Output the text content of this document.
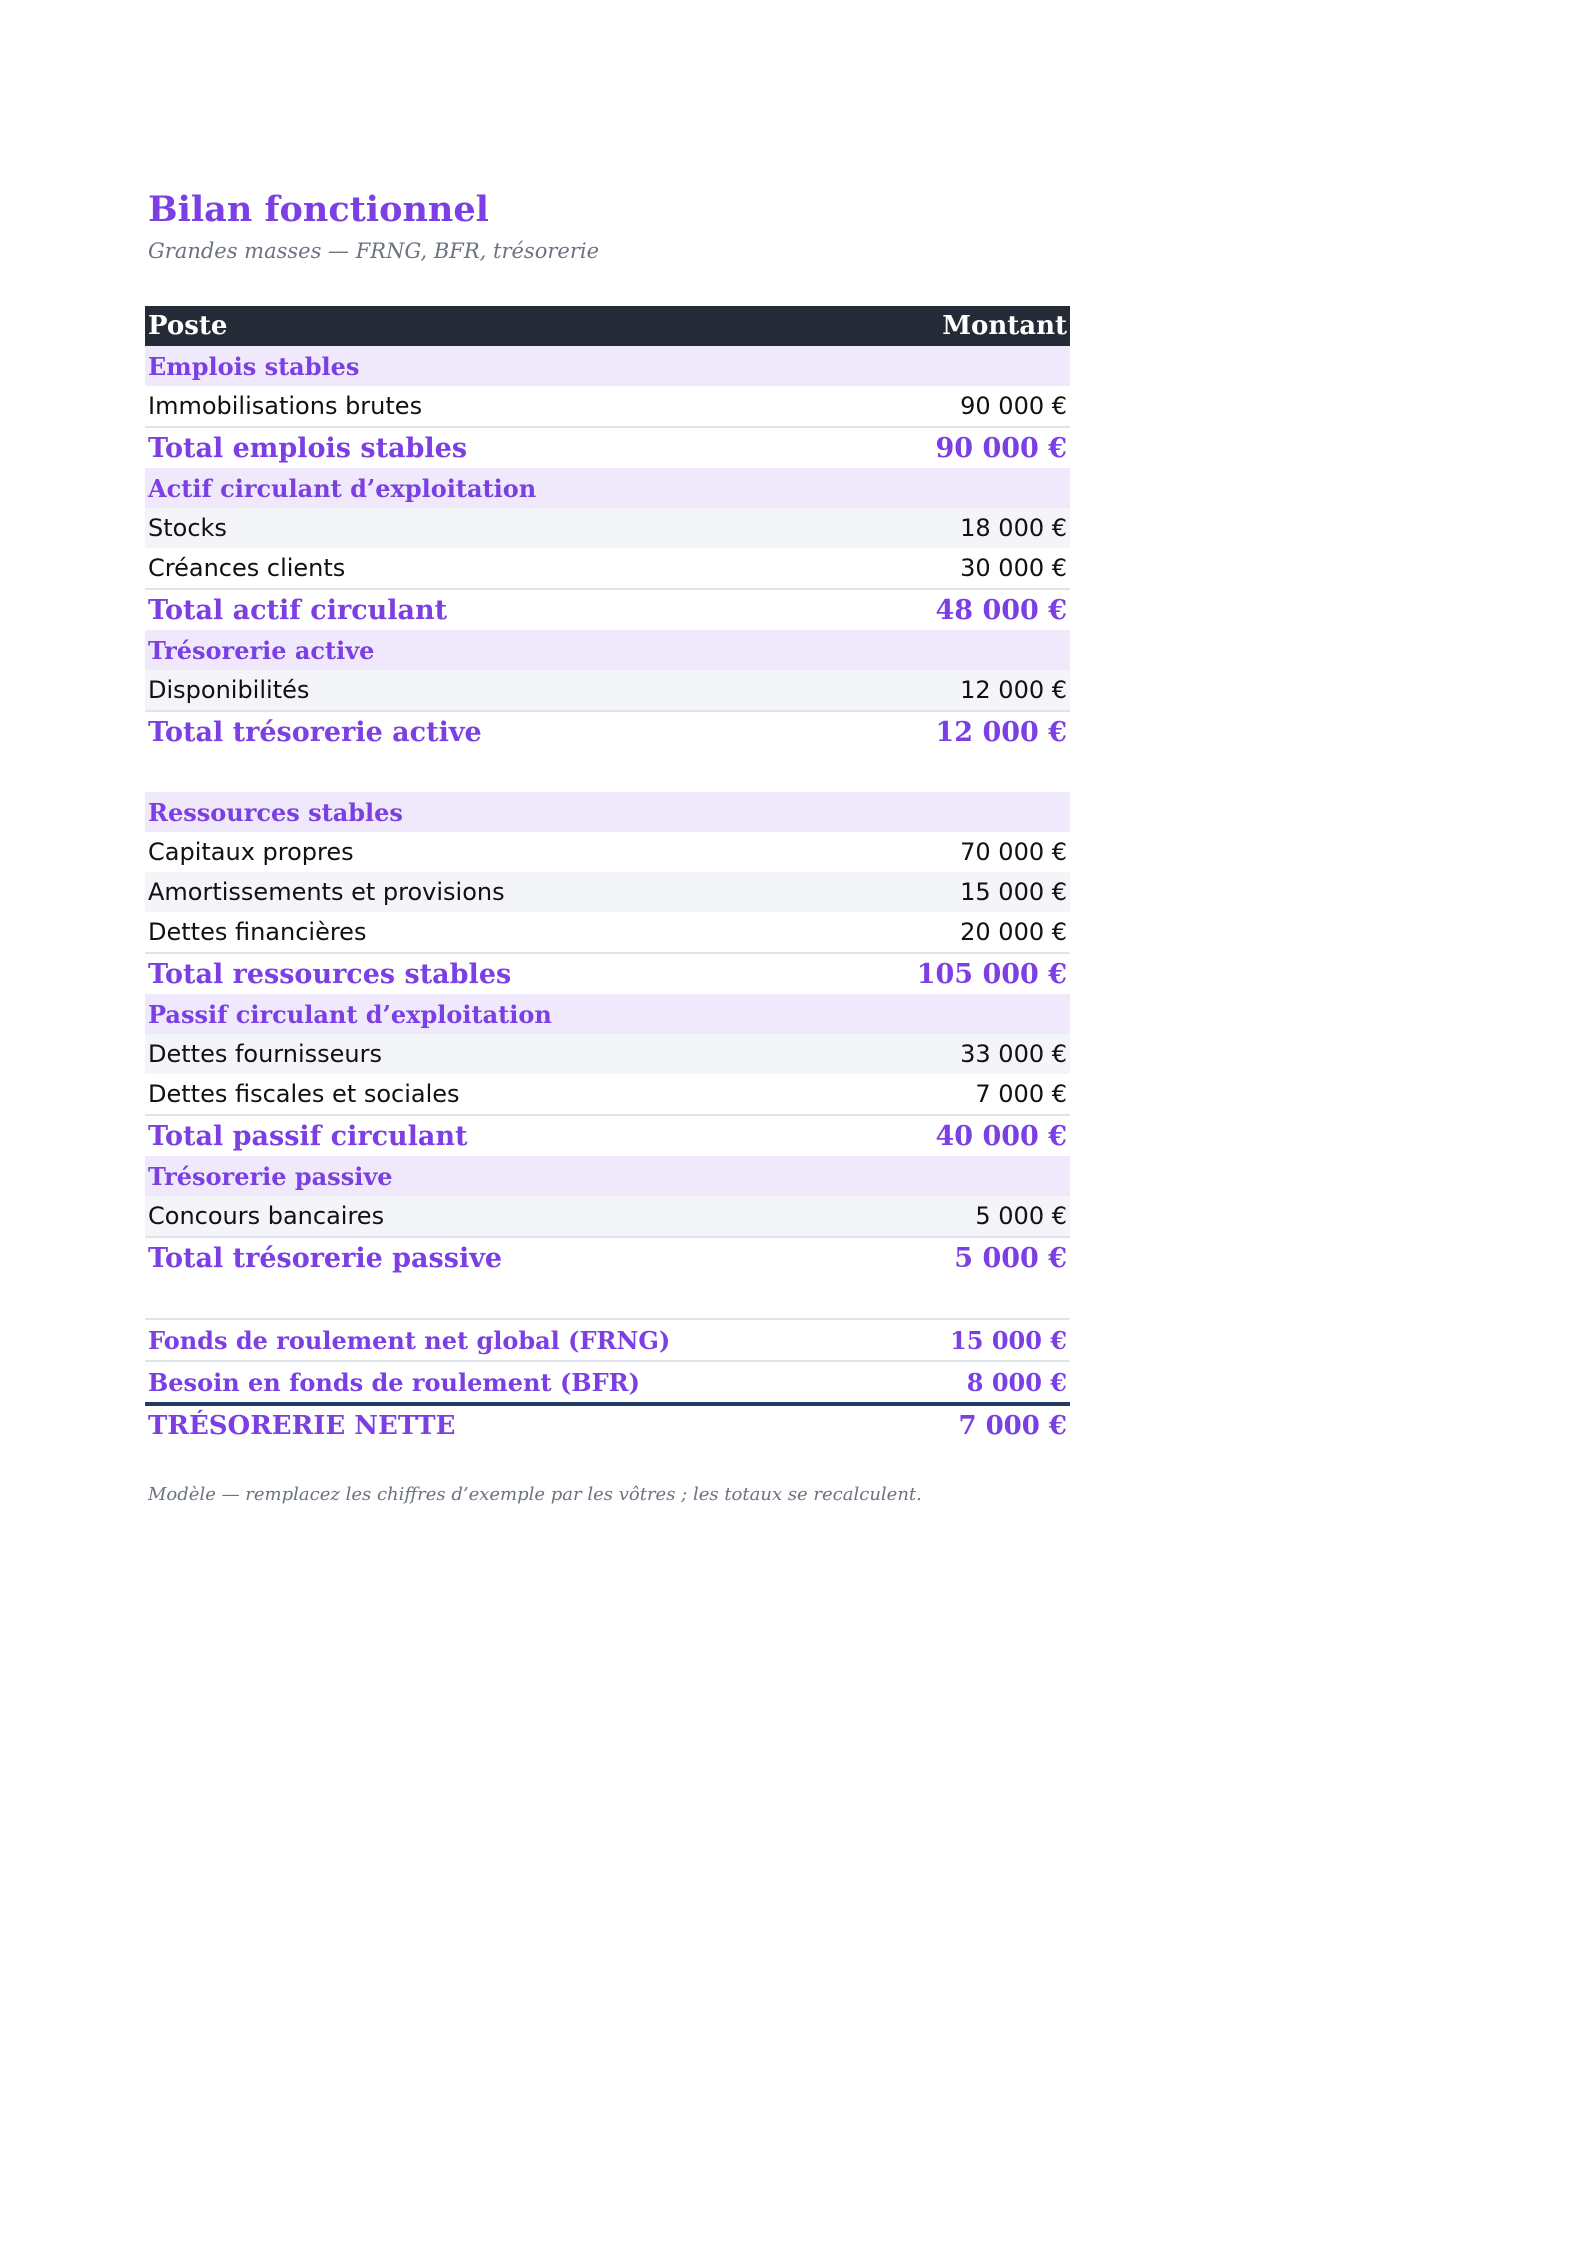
Bilan fonctionnel
Grandes masses — FRNG, BFR, trésorerie
Poste	Montant
Emplois stables	
Immobilisations brutes	90 000 €
Total emplois stables	90 000 €
Actif circulant d’exploitation	
Stocks	18 000 €
Créances clients	30 000 €
Total actif circulant	48 000 €
Trésorerie active	
Disponibilités	12 000 €
Total trésorerie active	12 000 €

Ressources stables	
Capitaux propres	70 000 €
Amortissements et provisions	15 000 €
Dettes financières	20 000 €
Total ressources stables	105 000 €
Passif circulant d’exploitation	
Dettes fournisseurs	33 000 €
Dettes fiscales et sociales	7 000 €
Total passif circulant	40 000 €
Trésorerie passive	
Concours bancaires	5 000 €
Total trésorerie passive	5 000 €

Fonds de roulement net global (FRNG)	15 000 €
Besoin en fonds de roulement (BFR)	8 000 €
TRÉSORERIE NETTE	7 000 €
Modèle — remplacez les chiffres d’exemple par les vôtres ; les totaux se recalculent.
